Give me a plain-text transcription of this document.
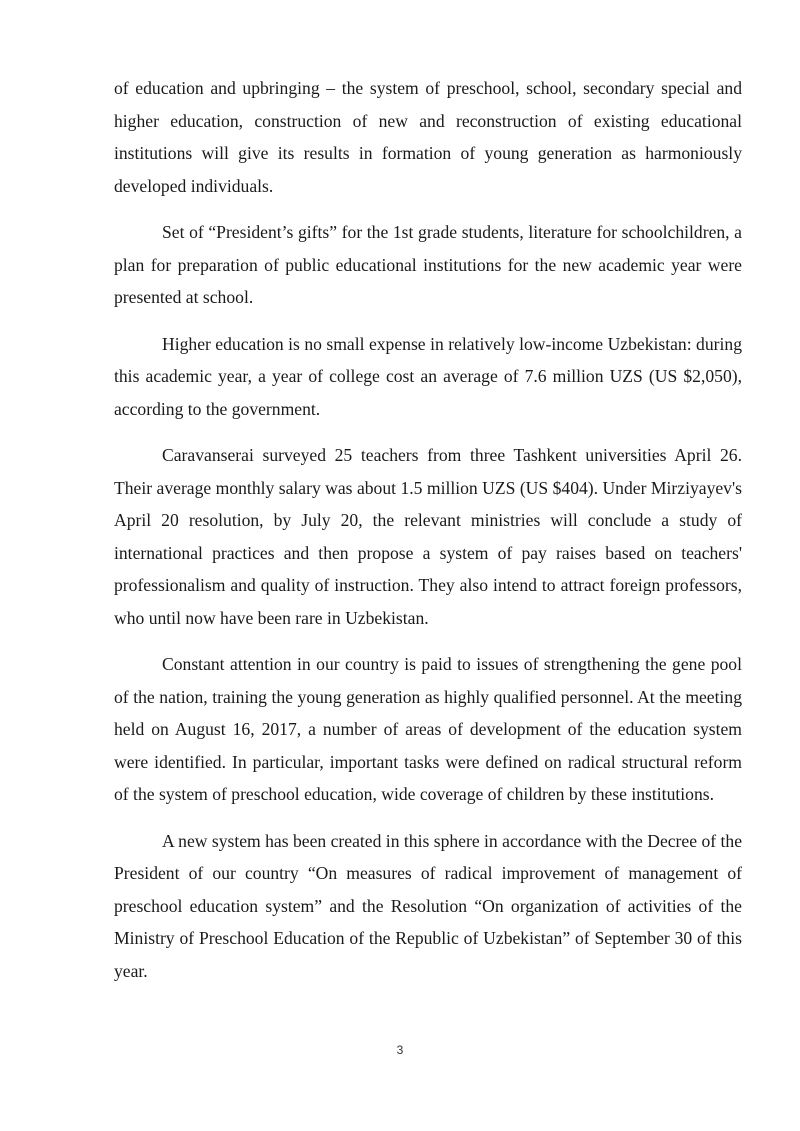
of education and upbringing – the system of preschool, school, secondary special and higher education, construction of new and reconstruction of existing educational institutions will give its results in formation of young generation as harmoniously developed individuals.

Set of “President’s gifts” for the 1st grade students, literature for schoolchildren, a plan for preparation of public educational institutions for the new academic year were presented at school.

Higher education is no small expense in relatively low-income Uzbekistan: during this academic year, a year of college cost an average of 7.6 million UZS (US $2,050), according to the government.

Caravanserai surveyed 25 teachers from three Tashkent universities April 26. Their average monthly salary was about 1.5 million UZS (US $404). Under Mirziyayev's April 20 resolution, by July 20, the relevant ministries will conclude a study of international practices and then propose a system of pay raises based on teachers' professionalism and quality of instruction. They also intend to attract foreign professors, who until now have been rare in Uzbekistan.

Constant attention in our country is paid to issues of strengthening the gene pool of the nation, training the young generation as highly qualified personnel. At the meeting held on August 16, 2017, a number of areas of development of the education system were identified. In particular, important tasks were defined on radical structural reform of the system of preschool education, wide coverage of children by these institutions.

A new system has been created in this sphere in accordance with the Decree of the President of our country “On measures of radical improvement of management of preschool education system” and the Resolution “On organization of activities of the Ministry of Preschool Education of the Republic of Uzbekistan” of September 30 of this year.

3
